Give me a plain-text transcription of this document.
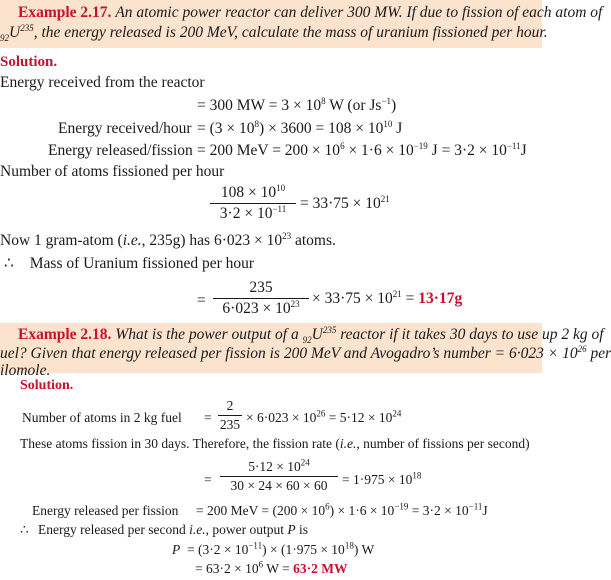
Example 2.17. An atomic power reactor can deliver 300 MW. If due to fission of each atom of
$_{92}U^{235}$, the energy released is 200 MeV, calculate the mass of uranium fissioned per hour.
Solution.
Energy received from the reactor
= 300 MW = $3 \times 10^8$ W (or $Js^{-1}$)
Energy received/hour = $(3 \times 10^8) \times 3600 = 108 \times 10^{10}$ J
Energy released/fission = 200 MeV = $200 \times 10^6 \times 1\cdot 6 \times 10^{-19}$ $J = 3\cdot 2 \times 10^{-11}J$
Number of atoms fissioned per hour
$108 \times 10^{10}$
$3\cdot 2 \times 10^{-11} = 33\cdot 75 \times 10^{21}$
Now 1 gram-atom (i.e., 235g) has $6\cdot 023 \times 10^{23}$ atoms.
∴ Mass of Uranium fissioned per hour
=
235
$6\cdot 023 \times 10^{23} \times 33\cdot 75 \times 10^{21} = 13\cdot 17g$
Example 2.18. What is the power output of a $_{92}U^{235}$ reactor if it takes 30 days to use up 2 kg of
uel? Given that energy released per fission is 200 MeV and Avogadro’s number = $6\cdot 023 \times 10^{26}$ per
ilomole.
Solution.
Number of atoms in 2 kg fuel =
2
$235 \times 6\cdot 023 \times 10^{26} = 5\cdot 12 \times 10^{24}$
These atoms fission in 30 days. Therefore, the fission rate (i.e., number of fissions per second)
=
$5\cdot 12 \times 10^{24}$
30 × 24 × 60 × 60	= $1\cdot 975 \times 10^{18}$
Energy released per fission = 200 MeV = $(200 \times 10^6) \times 1\cdot 6 \times 10^{-19} = 3\cdot 2 \times 10^{-11}J$
∴ Energy released per second i.e., power output P is
$P = (3\cdot 2 \times 10^{-11}) \times (1\cdot 975 \times 10^{18})$ W
= $63\cdot 2 \times 10^6$ W = 63·2 MW
